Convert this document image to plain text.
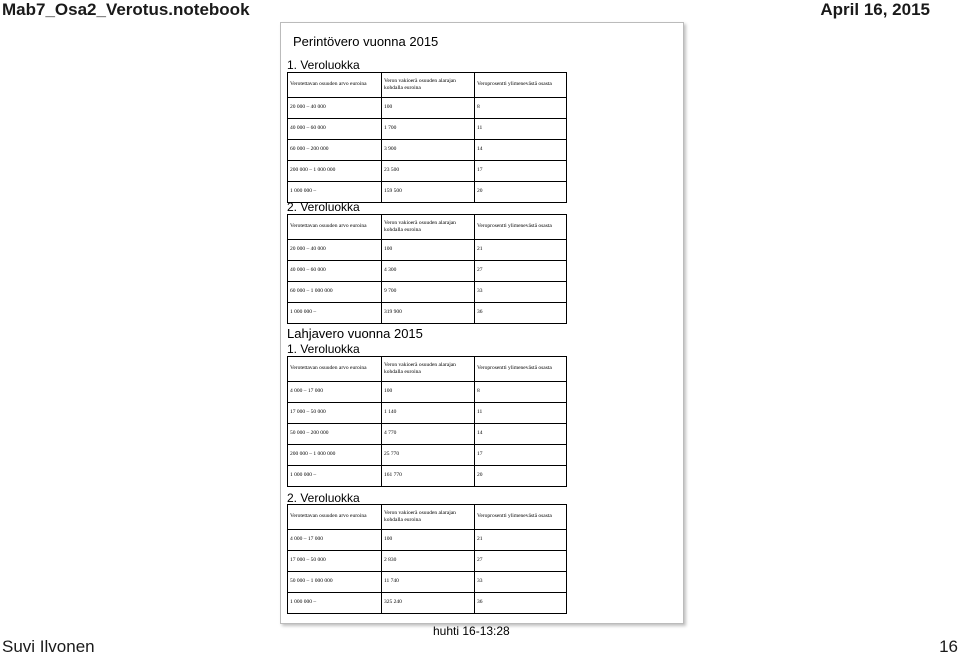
Mab7_Osa2_Verotus.notebook	April 16, 2015
Perintövero vuonna 2015
1. Veroluokka
Verotettavan osuuden arvo euroina	Veron vakioerä osuuden alarajan kohdalla euroina	Veroprosentti ylimenevästä osasta
20 000 – 40 000	100	8
40 000 – 60 000	1 700	11
60 000 – 200 000	3 900	14
200 000 – 1 000 000	23 500	17
1 000 000 –	159 500	20
2. Veroluokka
Verotettavan osuuden arvo euroina	Veron vakioerä osuuden alarajan kohdalla euroina	Veroprosentti ylimenevästä osasta
20 000 – 40 000	100	21
40 000 – 60 000	4 300	27
60 000 – 1 000 000	9 700	33
1 000 000 –	319 900	36
Lahjavero vuonna 2015
1. Veroluokka
Verotettavan osuuden arvo euroina	Veron vakioerä osuuden alarajan kohdalla euroina	Veroprosentti ylimenevästä osasta
4 000 – 17 000	100	8
17 000 – 50 000	1 140	11
50 000 – 200 000	4 770	14
200 000 – 1 000 000	25 770	17
1 000 000 –	161 770	20
2. Veroluokka
Verotettavan osuuden arvo euroina	Veron vakioerä osuuden alarajan kohdalla euroina	Veroprosentti ylimenevästä osasta
4 000 – 17 000	100	21
17 000 – 50 000	2 830	27
50 000 – 1 000 000	11 740	33
1 000 000 –	325 240	36
huhti 16-13:28
Suvi Ilvonen	16
